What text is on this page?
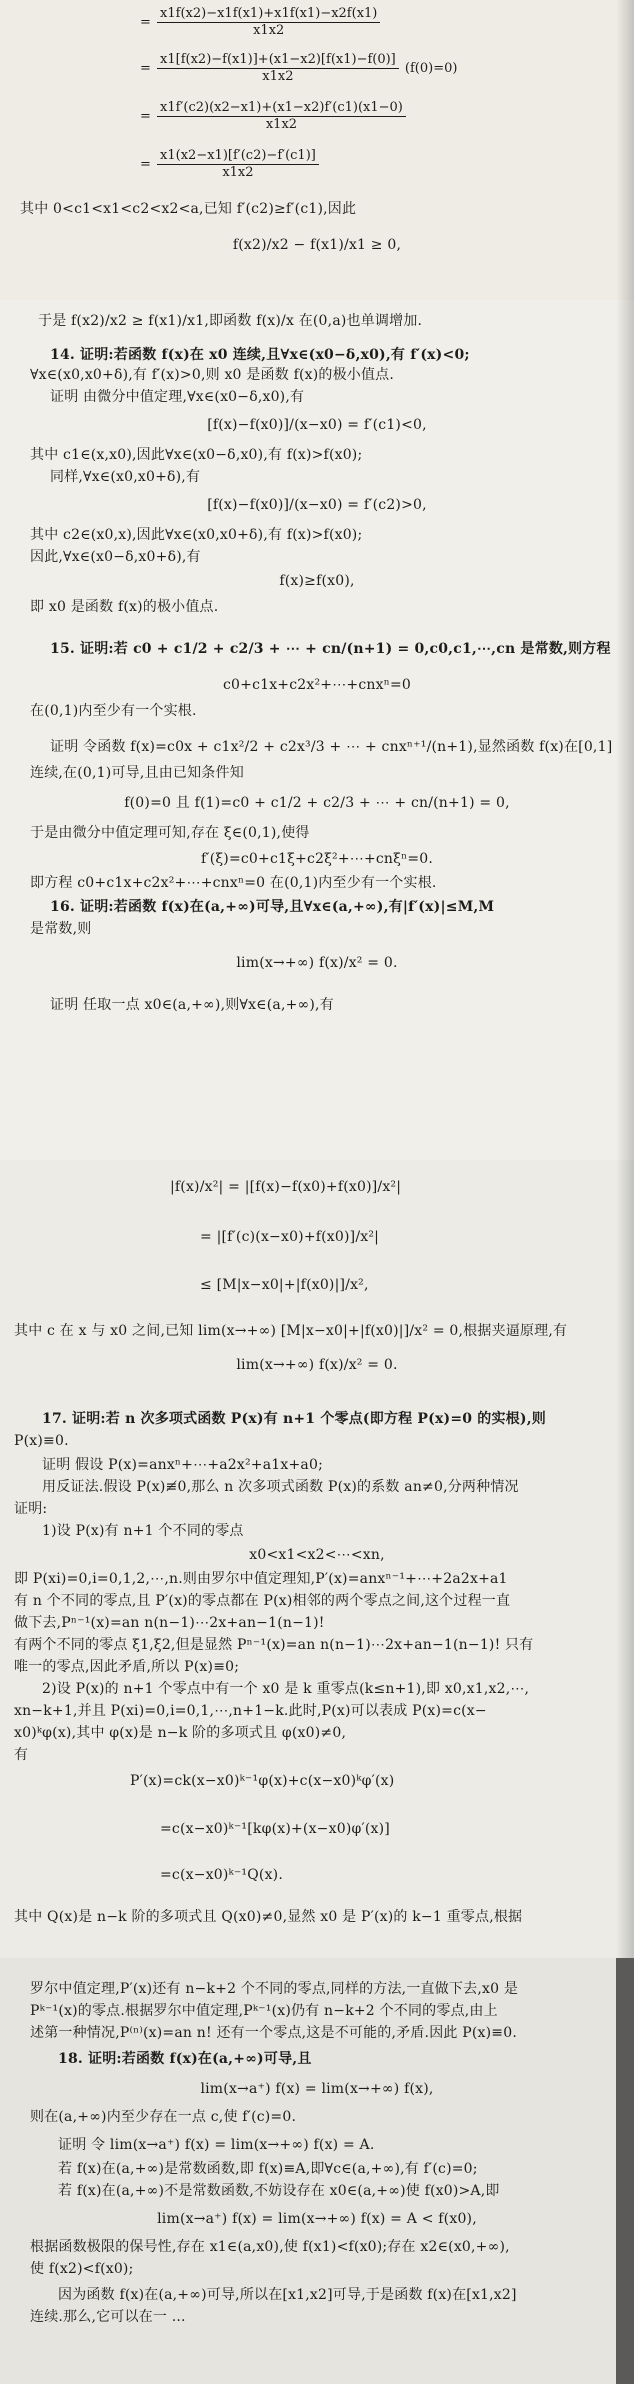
= $\frac{x1f(x2)-x1f(x1)+x1f(x1)-x2f(x1)}{x1x2}$
= $\frac{x1[f(x2)-f(x1)]+(x1-x2)[f(x1)-f(0)]}{x1x2} (f(0)=0)$
= $\frac{x1f'(c2)(x2-x1)+(x1-x2)f'(c1)(x1-0)}{x1x2}$
= $\frac{x1(x2-x1)[f'(c2)-f'(c1)]}{x1x2}$
其中 0<c1<x1<c2<x2<a,已知 f′(c2)≥f′(c1),因此
f(x2)/x2 − f(x1)/x1 ≥ 0,
于是 f(x2)/x2 ≥ f(x1)/x1,即函数 f(x)/x 在(0,a)也单调增加.
14. 证明:若函数 f(x)在 x0 连续,且∀x∈(x0−δ,x0),有 f′(x)<0;
∀x∈(x0,x0+δ),有 f′(x)>0,则 x0 是函数 f(x)的极小值点.
证明 由微分中值定理,∀x∈(x0−δ,x0),有
[f(x)−f(x0)]/(x−x0) = f′(c1)<0,
其中 c1∈(x,x0),因此∀x∈(x0−δ,x0),有 f(x)>f(x0);
同样,∀x∈(x0,x0+δ),有
[f(x)−f(x0)]/(x−x0) = f′(c2)>0,
其中 c2∈(x0,x),因此∀x∈(x0,x0+δ),有 f(x)>f(x0);
因此,∀x∈(x0−δ,x0+δ),有
f(x)≥f(x0),
即 x0 是函数 f(x)的极小值点.
15. 证明:若 c0 + c1/2 + c2/3 + ⋯ + cn/(n+1) = 0,c0,c1,⋯,cn 是常数,则方程
c0+c1x+c2x²+⋯+cnxⁿ=0
在(0,1)内至少有一个实根.
证明 令函数 f(x)=c0x + c1x²/2 + c2x³/3 + ⋯ + cnxⁿ⁺¹/(n+1),显然函数 f(x)在[0,1]
连续,在(0,1)可导,且由已知条件知
f(0)=0 且 f(1)=c0 + c1/2 + c2/3 + ⋯ + cn/(n+1) = 0,
于是由微分中值定理可知,存在 ξ∈(0,1),使得
f′(ξ)=c0+c1ξ+c2ξ²+⋯+cnξⁿ=0.
即方程 c0+c1x+c2x²+⋯+cnxⁿ=0 在(0,1)内至少有一个实根.
16. 证明:若函数 f(x)在(a,+∞)可导,且∀x∈(a,+∞),有|f′(x)|≤M,M
是常数,则
lim(x→+∞) f(x)/x² = 0.
证明 任取一点 x0∈(a,+∞),则∀x∈(a,+∞),有
|f(x)/x²| = |[f(x)−f(x0)+f(x0)]/x²|
= |[f′(c)(x−x0)+f(x0)]/x²|
≤ [M|x−x0|+|f(x0)|]/x²,
其中 c 在 x 与 x0 之间,已知 lim(x→+∞) [M|x−x0|+|f(x0)|]/x² = 0,根据夹逼原理,有
lim(x→+∞) f(x)/x² = 0.
17. 证明:若 n 次多项式函数 P(x)有 n+1 个零点(即方程 P(x)=0 的实根),则
P(x)≡0.
证明 假设 P(x)=anxⁿ+⋯+a2x²+a1x+a0;
用反证法.假设 P(x)≢0,那么 n 次多项式函数 P(x)的系数 an≠0,分两种情况
证明:
1)设 P(x)有 n+1 个不同的零点
x0<x1<x2<⋯<xn,
即 P(xi)=0,i=0,1,2,⋯,n.则由罗尔中值定理知,P′(x)=anxⁿ⁻¹+⋯+2a2x+a1
有 n 个不同的零点,且 P′(x)的零点都在 P(x)相邻的两个零点之间,这个过程一直
做下去,Pⁿ⁻¹(x)=an n(n−1)⋯2x+an−1(n−1)!
有两个不同的零点 ξ1,ξ2,但是显然 Pⁿ⁻¹(x)=an n(n−1)⋯2x+an−1(n−1)! 只有
唯一的零点,因此矛盾,所以 P(x)≡0;
2)设 P(x)的 n+1 个零点中有一个 x0 是 k 重零点(k≤n+1),即 x0,x1,x2,⋯,
xn−k+1,并且 P(xi)=0,i=0,1,⋯,n+1−k.此时,P(x)可以表成 P(x)=c(x−
x0)ᵏφ(x),其中 φ(x)是 n−k 阶的多项式且 φ(x0)≠0,
有
P′(x)=ck(x−x0)ᵏ⁻¹φ(x)+c(x−x0)ᵏφ′(x)
=c(x−x0)ᵏ⁻¹[kφ(x)+(x−x0)φ′(x)]
=c(x−x0)ᵏ⁻¹Q(x).
其中 Q(x)是 n−k 阶的多项式且 Q(x0)≠0,显然 x0 是 P′(x)的 k−1 重零点,根据
罗尔中值定理,P′(x)还有 n−k+2 个不同的零点,同样的方法,一直做下去,x0 是
Pᵏ⁻¹(x)的零点.根据罗尔中值定理,Pᵏ⁻¹(x)仍有 n−k+2 个不同的零点,由上
述第一种情况,P⁽ⁿ⁾(x)=an n! 还有一个零点,这是不可能的,矛盾.因此 P(x)≡0.
18. 证明:若函数 f(x)在(a,+∞)可导,且
lim(x→a⁺) f(x) = lim(x→+∞) f(x),
则在(a,+∞)内至少存在一点 c,使 f′(c)=0.
证明 令 lim(x→a⁺) f(x) = lim(x→+∞) f(x) = A.
若 f(x)在(a,+∞)是常数函数,即 f(x)≡A,即∀c∈(a,+∞),有 f′(c)=0;
若 f(x)在(a,+∞)不是常数函数,不妨设存在 x0∈(a,+∞)使 f(x0)>A,即
lim(x→a⁺) f(x) = lim(x→+∞) f(x) = A < f(x0),
根据函数极限的保号性,存在 x1∈(a,x0),使 f(x1)<f(x0);存在 x2∈(x0,+∞),
使 f(x2)<f(x0);
因为函数 f(x)在(a,+∞)可导,所以在[x1,x2]可导,于是函数 f(x)在[x1,x2]
连续.那么,它可以在一 ...
